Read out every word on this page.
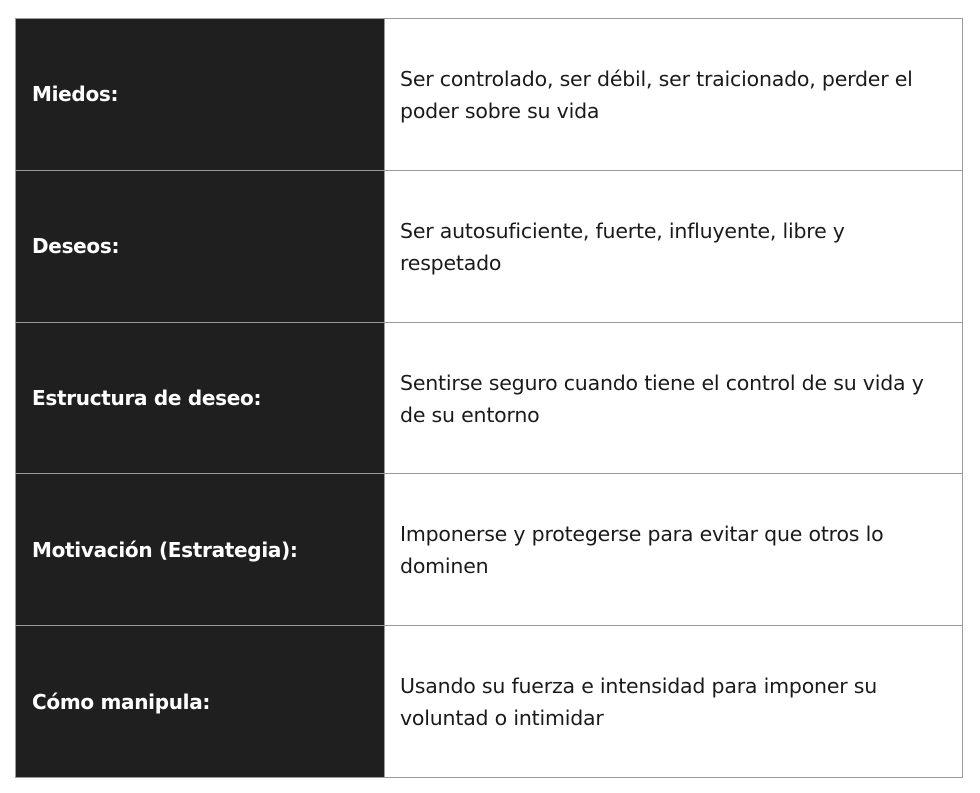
Miedos:	Ser controlado, ser débil, ser traicionado, perder el poder sobre su vida
Deseos:	Ser autosuficiente, fuerte, influyente, libre y respetado
Estructura de deseo:	Sentirse seguro cuando tiene el control de su vida y de su entorno
Motivación (Estrategia):	Imponerse y protegerse para evitar que otros lo dominen
Cómo manipula:	Usando su fuerza e intensidad para imponer su voluntad o intimidar
